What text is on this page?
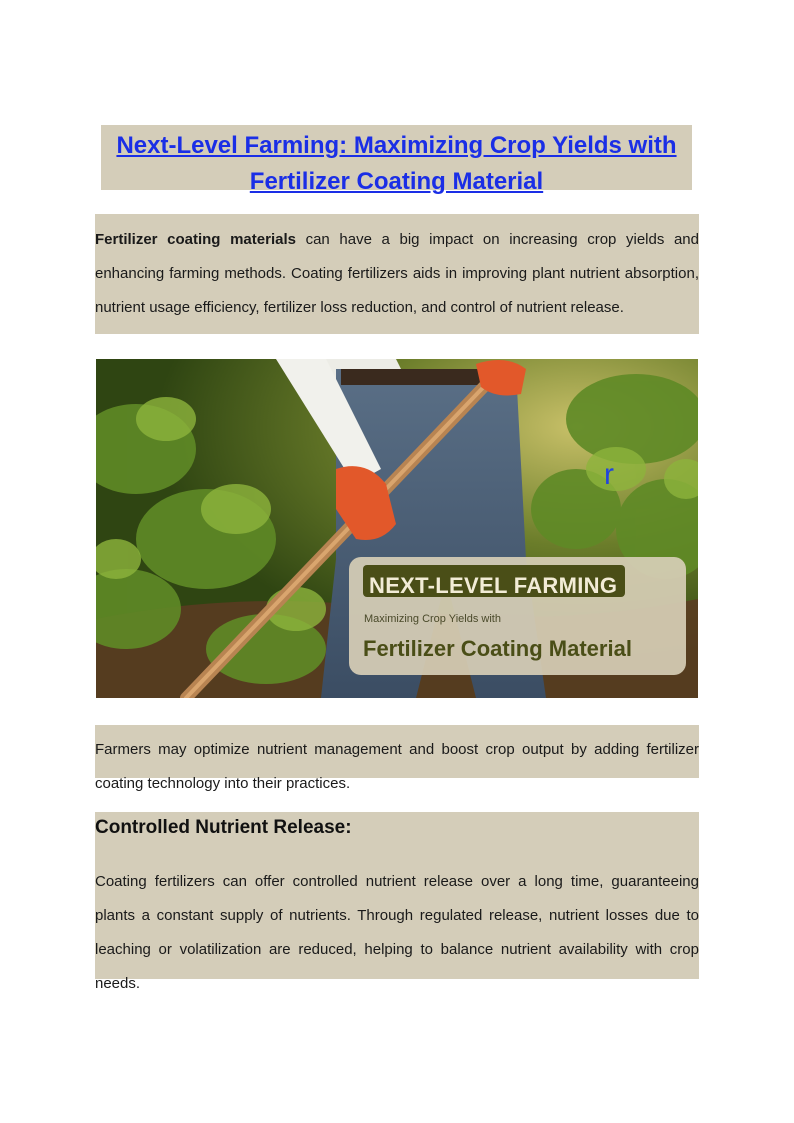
Next-Level Farming: Maximizing Crop Yields with
Fertilizer Coating Material

Fertilizer coating materials can have a big impact on increasing crop yields and enhancing farming methods. Coating fertilizers aids in improving plant nutrient absorption, nutrient usage efficiency, fertilizer loss reduction, and control of nutrient release.

r
NEXT-LEVEL FARMING
Maximizing Crop Yields with
Fertilizer Coating Material

Farmers may optimize nutrient management and boost crop output by adding fertilizer coating technology into their practices.

Controlled Nutrient Release:

Coating fertilizers can offer controlled nutrient release over a long time, guaranteeing plants a constant supply of nutrients. Through regulated release, nutrient losses due to leaching or volatilization are reduced, helping to balance nutrient availability with crop needs.
